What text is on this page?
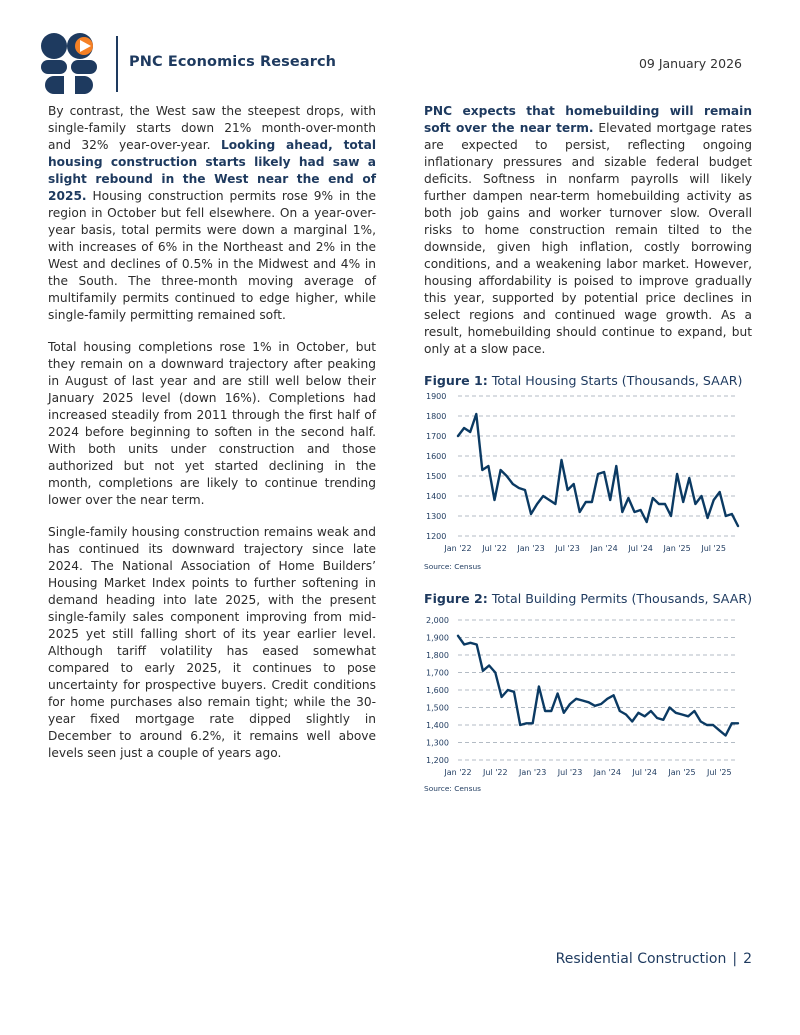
PNC Economics Research	09 January 2026

By contrast, the West saw the steepest drops, with single-family starts down 21% month-over-month and 32% year-over-year. Looking ahead, total housing construction starts likely had saw a slight rebound in the West near the end of 2025. Housing construction permits rose 9% in the region in October but fell elsewhere. On a year-over-year basis, total permits were down a marginal 1%, with increases of 6% in the Northeast and 2% in the West and declines of 0.5% in the Midwest and 4% in the South. The three-month moving average of multifamily permits continued to edge higher, while single-family permitting remained soft.

Total housing completions rose 1% in October, but they remain on a downward trajectory after peaking in August of last year and are still well below their January 2025 level (down 16%). Completions had increased steadily from 2011 through the first half of 2024 before beginning to soften in the second half. With both units under construction and those authorized but not yet started declining in the month, completions are likely to continue trending lower over the near term.

Single-family housing construction remains weak and has continued its downward trajectory since late 2024. The National Association of Home Builders’ Housing Market Index points to further softening in demand heading into late 2025, with the present single-family sales component improving from mid-2025 yet still falling short of its year earlier level. Although tariff volatility has eased somewhat compared to early 2025, it continues to pose uncertainty for prospective buyers. Credit conditions for home purchases also remain tight; while the 30-year fixed mortgage rate dipped slightly in December to around 6.2%, it remains well above levels seen just a couple of years ago.

PNC expects that homebuilding will remain soft over the near term. Elevated mortgage rates are expected to persist, reflecting ongoing inflationary pressures and sizable federal budget deficits. Softness in nonfarm payrolls will likely further dampen near-term homebuilding activity as both job gains and worker turnover slow. Overall risks to home construction remain tilted to the downside, given high inflation, costly borrowing conditions, and a weakening labor market. However, housing affordability is poised to improve gradually this year, supported by potential price declines in select regions and continued wage growth. As a result, homebuilding should continue to expand, but only at a slow pace.

Figure 1: Total Housing Starts (Thousands, SAAR)
1900
1800
1700
1600
1500
1400
1300
1200
Jan '22 Jul '22 Jan '23 Jul '23 Jan '24 Jul '24 Jan '25 Jul '25
Source: Census
Figure 2: Total Building Permits (Thousands, SAAR)
2,000
1,900
1,800
1,700
1,600
1,500
1,400
1,300
1,200
Jan '22 Jul '22 Jan '23 Jul '23 Jan '24 Jul '24 Jan '25 Jul '25
Source: Census
Residential Construction | 2
